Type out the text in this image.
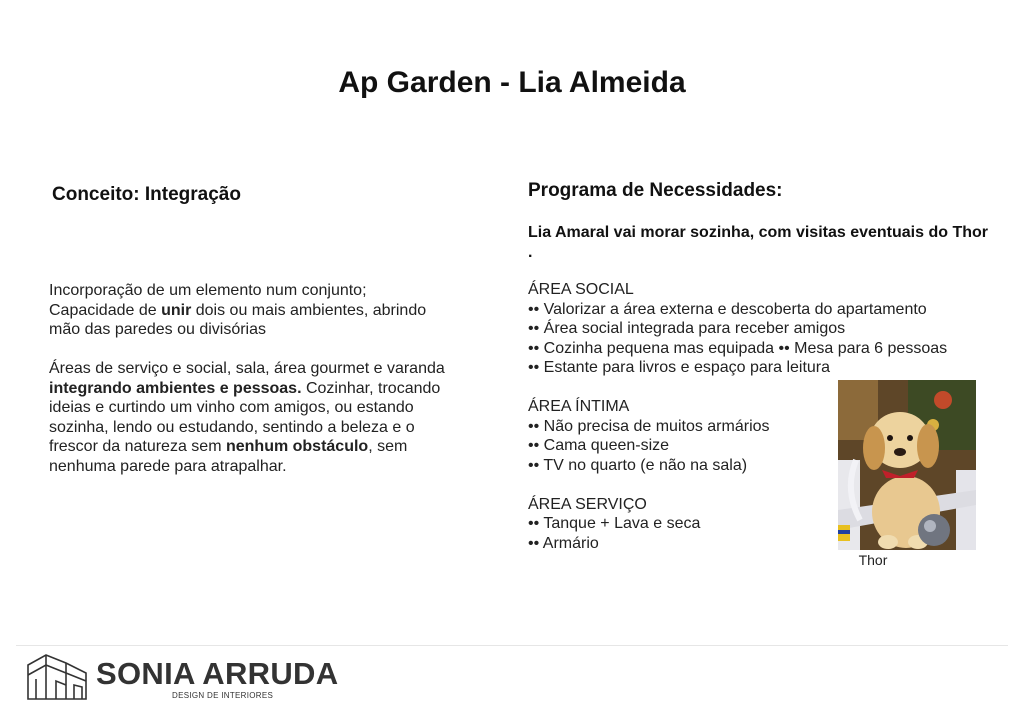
Ap Garden - Lia Almeida
Conceito: Integração

Incorporação de um elemento num conjunto; Capacidade de unir dois ou mais ambientes, abrindo mão das paredes ou divisórias

Áreas de serviço e social, sala, área gourmet e varanda integrando ambientes e pessoas. Cozinhar, trocando ideias e curtindo um vinho com amigos, ou estando sozinha, lendo ou estudando, sentindo a beleza e o frescor da natureza sem nenhum obstáculo, sem nenhuma parede para atrapalhar.

Programa de Necessidades:
Lia Amaral vai morar sozinha, com visitas eventuais do Thor .
ÁREA SOCIAL
•• Valorizar a área externa e descoberta do apartamento
•• Área social integrada para receber amigos
•• Cozinha pequena mas equipada •• Mesa para 6 pessoas
•• Estante para livros e espaço para leitura
ÁREA ÍNTIMA
•• Não precisa de muitos armários
•• Cama queen-size
•• TV no quarto (e não na sala)
ÁREA SERVIÇO
•• Tanque + Lava e seca
•• Armário
Thor
SONIA ARRUDA
DESIGN DE INTERIORES
